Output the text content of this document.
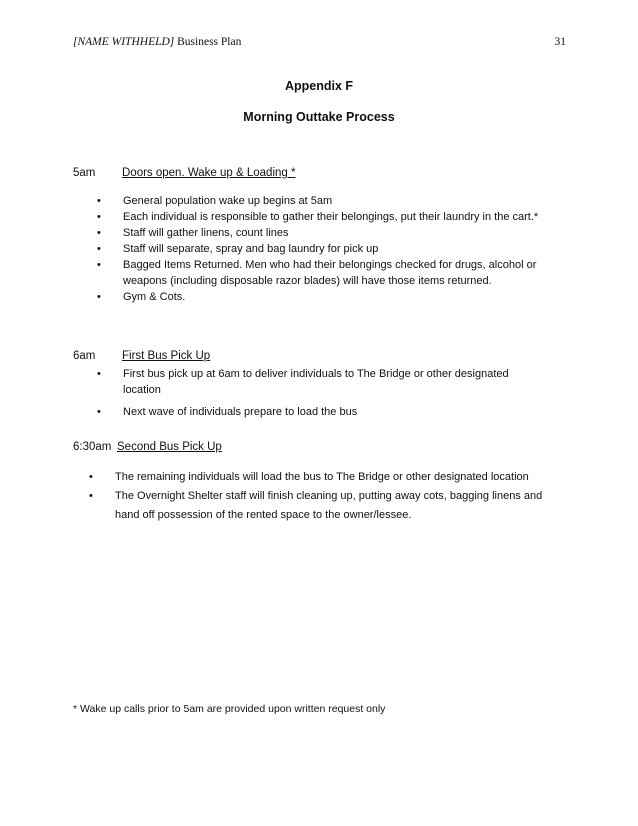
[NAME WITHHELD] Business Plan	31
Appendix F
Morning Outtake Process
5am Doors open. Wake up & Loading *
• General population wake up begins at 5am
• Each individual is responsible to gather their belongings, put their laundry in the cart.*
• Staff will gather linens, count lines
• Staff will separate, spray and bag laundry for pick up
• Bagged Items Returned. Men who had their belongings checked for drugs, alcohol or weapons (including disposable razor blades) will have those items returned.
• Gym & Cots.
6am First Bus Pick Up
• First bus pick up at 6am to deliver individuals to The Bridge or other designated location
• Next wave of individuals prepare to load the bus
6:30am Second Bus Pick Up
• The remaining individuals will load the bus to The Bridge or other designated location
• The Overnight Shelter staff will finish cleaning up, putting away cots, bagging linens and hand off possession of the rented space to the owner/lessee.
* Wake up calls prior to 5am are provided upon written request only
